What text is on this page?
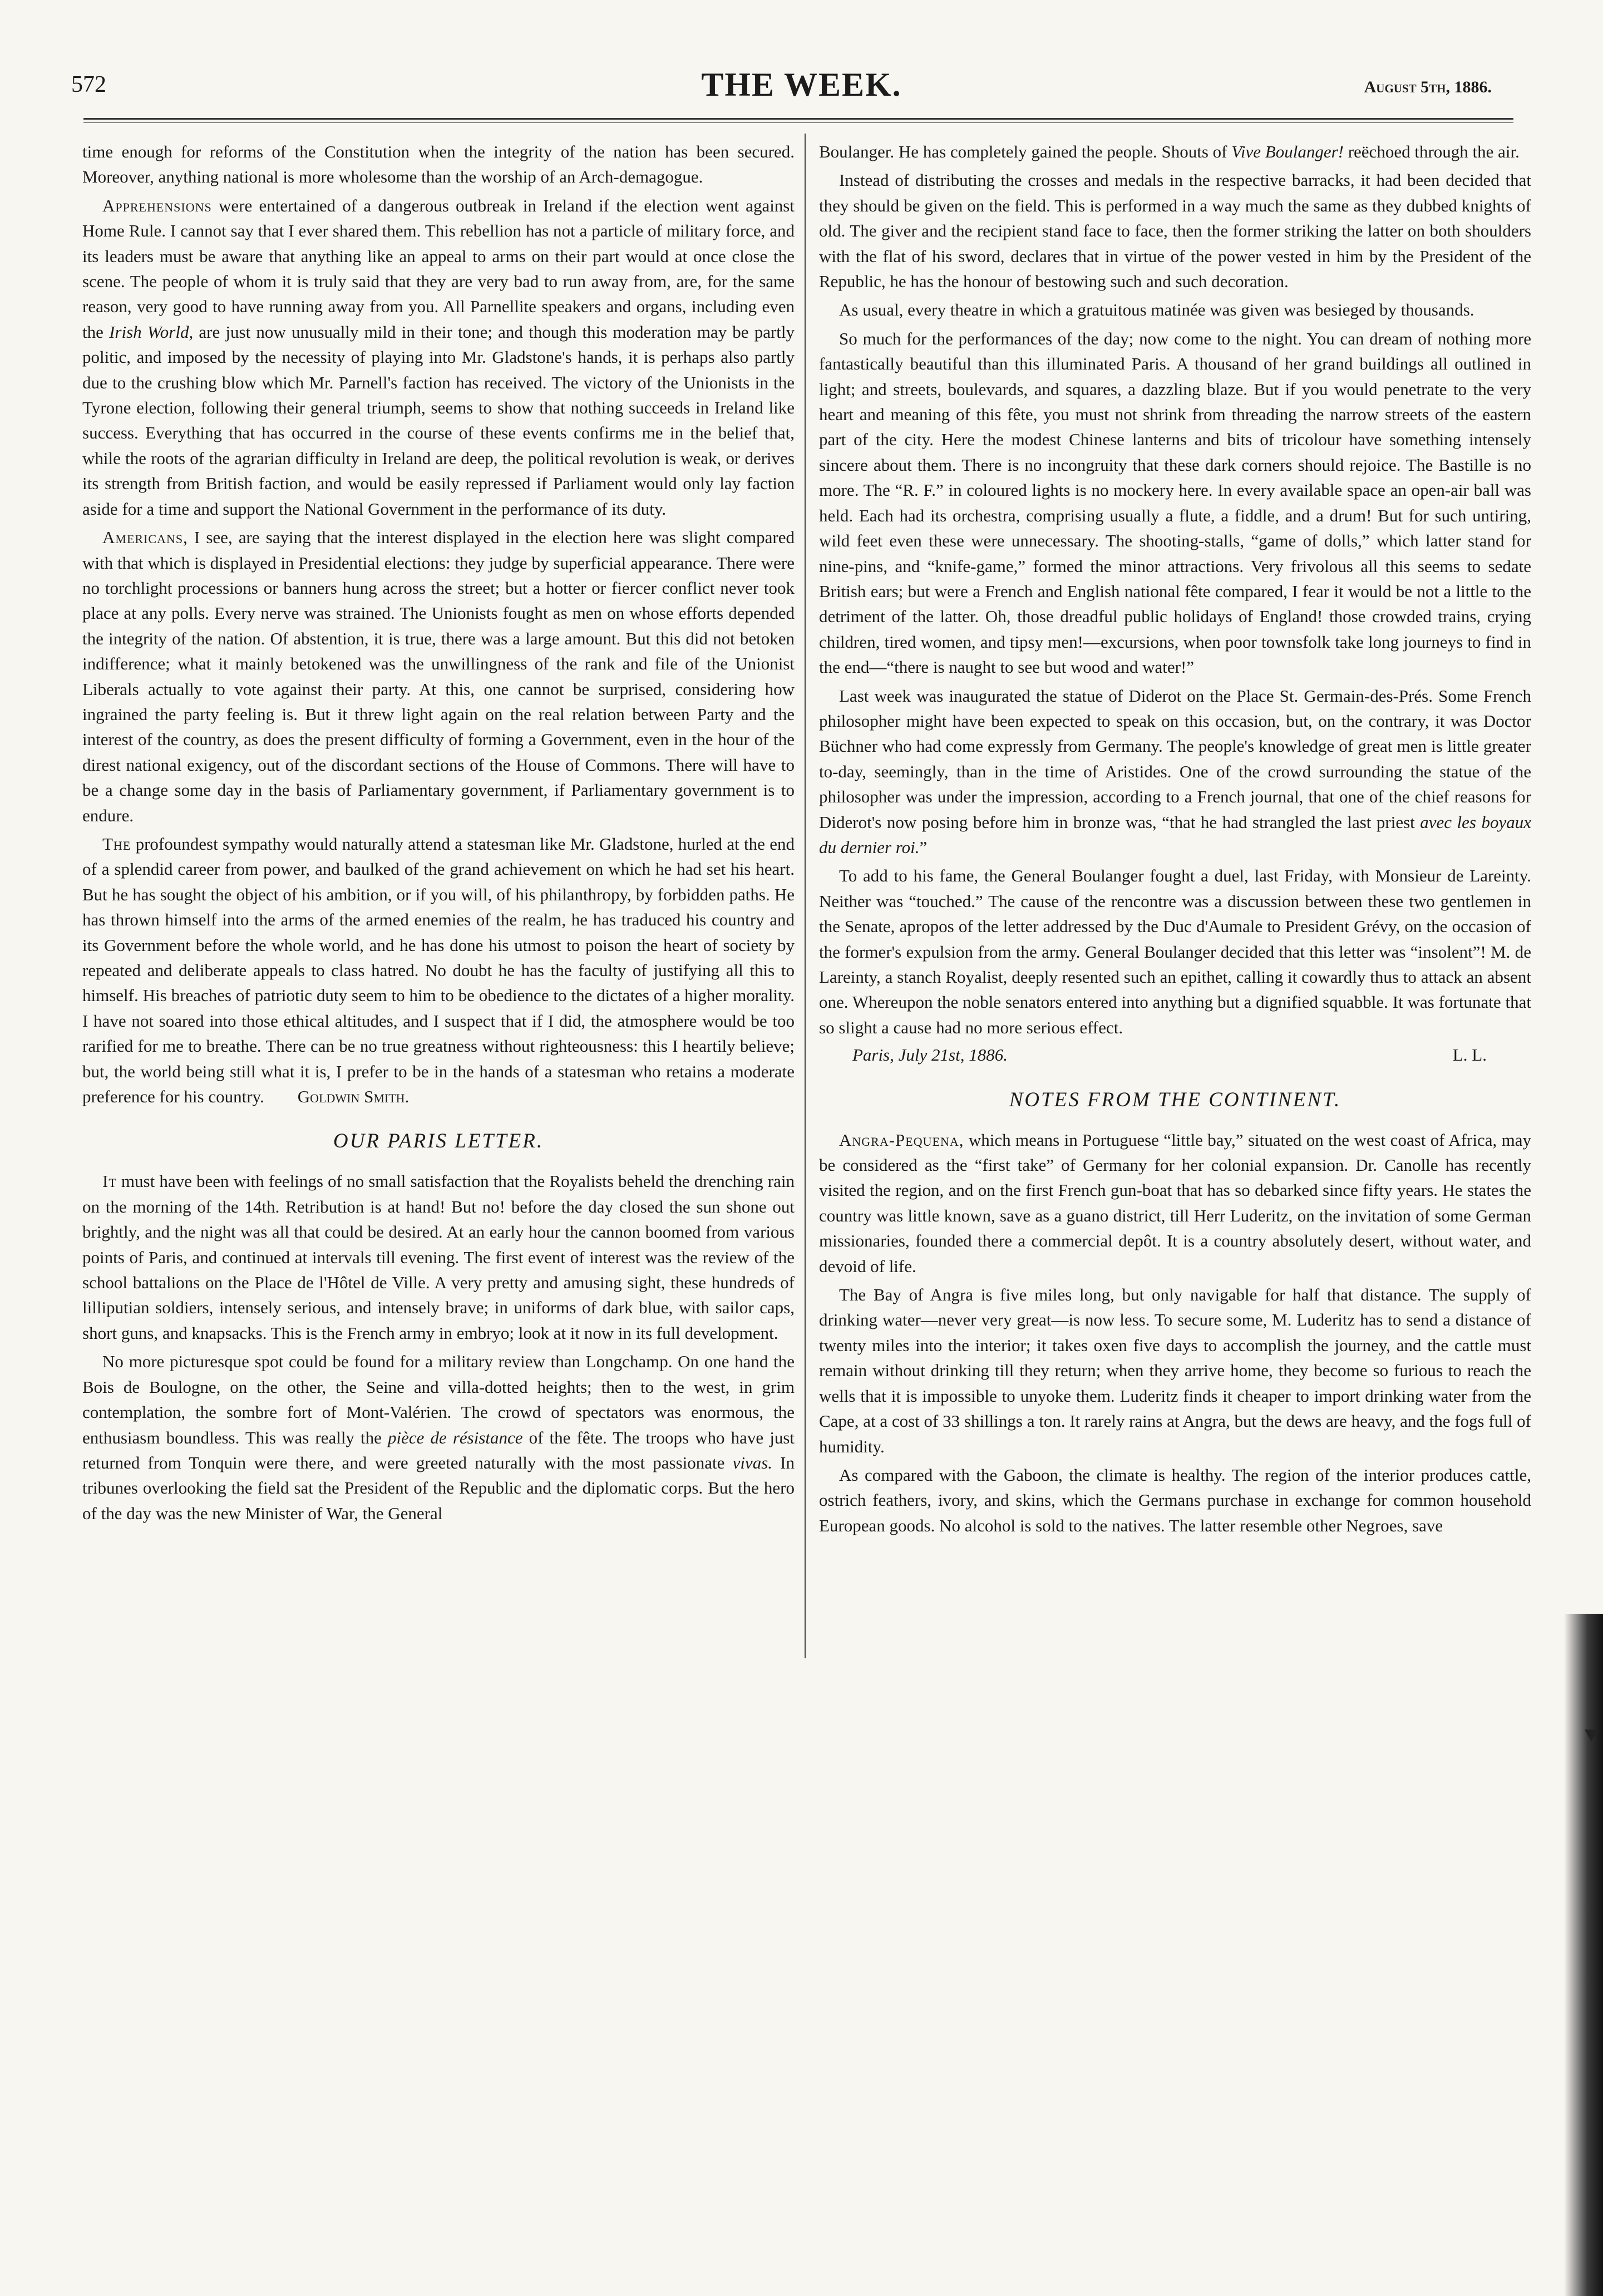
572	THE WEEK.	August 5th, 1886.

time enough for reforms of the Constitution when the integrity of the nation has been secured. Moreover, anything national is more wholesome than the worship of an Arch-demagogue.

Apprehensions were entertained of a dangerous outbreak in Ireland if the election went against Home Rule. I cannot say that I ever shared them. This rebellion has not a particle of military force, and its leaders must be aware that anything like an appeal to arms on their part would at once close the scene. The people of whom it is truly said that they are very bad to run away from, are, for the same reason, very good to have running away from you. All Parnellite speakers and organs, including even the Irish World, are just now unusually mild in their tone; and though this moderation may be partly politic, and imposed by the necessity of playing into Mr. Gladstone's hands, it is perhaps also partly due to the crushing blow which Mr. Parnell's faction has received. The victory of the Unionists in the Tyrone election, following their general triumph, seems to show that nothing succeeds in Ireland like success. Everything that has occurred in the course of these events confirms me in the belief that, while the roots of the agrarian difficulty in Ireland are deep, the political revolution is weak, or derives its strength from British faction, and would be easily repressed if Parliament would only lay faction aside for a time and support the National Government in the performance of its duty.

Americans, I see, are saying that the interest displayed in the election here was slight compared with that which is displayed in Presidential elections: they judge by superficial appearance. There were no torchlight processions or banners hung across the street; but a hotter or fiercer conflict never took place at any polls. Every nerve was strained. The Unionists fought as men on whose efforts depended the integrity of the nation. Of abstention, it is true, there was a large amount. But this did not betoken indifference; what it mainly betokened was the unwillingness of the rank and file of the Unionist Liberals actually to vote against their party. At this, one cannot be surprised, considering how ingrained the party feeling is. But it threw light again on the real relation between Party and the interest of the country, as does the present difficulty of forming a Government, even in the hour of the direst national exigency, out of the discordant sections of the House of Commons. There will have to be a change some day in the basis of Parliamentary government, if Parliamentary government is to endure.

The profoundest sympathy would naturally attend a statesman like Mr. Gladstone, hurled at the end of a splendid career from power, and baulked of the grand achievement on which he had set his heart. But he has sought the object of his ambition, or if you will, of his philanthropy, by forbidden paths. He has thrown himself into the arms of the armed enemies of the realm, he has traduced his country and its Government before the whole world, and he has done his utmost to poison the heart of society by repeated and deliberate appeals to class hatred. No doubt he has the faculty of justifying all this to himself. His breaches of patriotic duty seem to him to be obedience to the dictates of a higher morality. I have not soared into those ethical altitudes, and I suspect that if I did, the atmosphere would be too rarified for me to breathe. There can be no true greatness without righteousness: this I heartily believe; but, the world being still what it is, I prefer to be in the hands of a statesman who retains a moderate preference for his country. Goldwin Smith.

OUR PARIS LETTER.

It must have been with feelings of no small satisfaction that the Royalists beheld the drenching rain on the morning of the 14th. Retribution is at hand! But no! before the day closed the sun shone out brightly, and the night was all that could be desired. At an early hour the cannon boomed from various points of Paris, and continued at intervals till evening. The first event of interest was the review of the school battalions on the Place de l'Hôtel de Ville. A very pretty and amusing sight, these hundreds of lilliputian soldiers, intensely serious, and intensely brave; in uniforms of dark blue, with sailor caps, short guns, and knapsacks. This is the French army in embryo; look at it now in its full development.

No more picturesque spot could be found for a military review than Longchamp. On one hand the Bois de Boulogne, on the other, the Seine and villa-dotted heights; then to the west, in grim contemplation, the sombre fort of Mont-Valérien. The crowd of spectators was enormous, the enthusiasm boundless. This was really the pièce de résistance of the fête. The troops who have just returned from Tonquin were there, and were greeted naturally with the most passionate vivas. In tribunes overlooking the field sat the President of the Republic and the diplomatic corps. But the hero of the day was the new Minister of War, the General

Boulanger. He has completely gained the people. Shouts of Vive Boulanger! reëchoed through the air.

Instead of distributing the crosses and medals in the respective barracks, it had been decided that they should be given on the field. This is performed in a way much the same as they dubbed knights of old. The giver and the recipient stand face to face, then the former striking the latter on both shoulders with the flat of his sword, declares that in virtue of the power vested in him by the President of the Republic, he has the honour of bestowing such and such decoration.

As usual, every theatre in which a gratuitous matinée was given was besieged by thousands.

So much for the performances of the day; now come to the night. You can dream of nothing more fantastically beautiful than this illuminated Paris. A thousand of her grand buildings all outlined in light; and streets, boulevards, and squares, a dazzling blaze. But if you would penetrate to the very heart and meaning of this fête, you must not shrink from threading the narrow streets of the eastern part of the city. Here the modest Chinese lanterns and bits of tricolour have something intensely sincere about them. There is no incongruity that these dark corners should rejoice. The Bastille is no more. The “R. F.” in coloured lights is no mockery here. In every available space an open-air ball was held. Each had its orchestra, comprising usually a flute, a fiddle, and a drum! But for such untiring, wild feet even these were unnecessary. The shooting-stalls, “game of dolls,” which latter stand for nine-pins, and “knife-game,” formed the minor attractions. Very frivolous all this seems to sedate British ears; but were a French and English national fête compared, I fear it would be not a little to the detriment of the latter. Oh, those dreadful public holidays of England! those crowded trains, crying children, tired women, and tipsy men!—excursions, when poor townsfolk take long journeys to find in the end—“there is naught to see but wood and water!”

Last week was inaugurated the statue of Diderot on the Place St. Germain-des-Prés. Some French philosopher might have been expected to speak on this occasion, but, on the contrary, it was Doctor Büchner who had come expressly from Germany. The people's knowledge of great men is little greater to-day, seemingly, than in the time of Aristides. One of the crowd surrounding the statue of the philosopher was under the impression, according to a French journal, that one of the chief reasons for Diderot's now posing before him in bronze was, “that he had strangled the last priest avec les boyaux du dernier roi.”

To add to his fame, the General Boulanger fought a duel, last Friday, with Monsieur de Lareinty. Neither was “touched.” The cause of the rencontre was a discussion between these two gentlemen in the Senate, apropos of the letter addressed by the Duc d'Aumale to President Grévy, on the occasion of the former's expulsion from the army. General Boulanger decided that this letter was “insolent”! M. de Lareinty, a stanch Royalist, deeply resented such an epithet, calling it cowardly thus to attack an absent one. Whereupon the noble senators entered into anything but a dignified squabble. It was fortunate that so slight a cause had no more serious effect.

Paris, July 21st, 1886.	L. L.
NOTES FROM THE CONTINENT.

Angra-Pequena, which means in Portuguese “little bay,” situated on the west coast of Africa, may be considered as the “first take” of Germany for her colonial expansion. Dr. Canolle has recently visited the region, and on the first French gun-boat that has so debarked since fifty years. He states the country was little known, save as a guano district, till Herr Luderitz, on the invitation of some German missionaries, founded there a commercial depôt. It is a country absolutely desert, without water, and devoid of life.

The Bay of Angra is five miles long, but only navigable for half that distance. The supply of drinking water—never very great—is now less. To secure some, M. Luderitz has to send a distance of twenty miles into the interior; it takes oxen five days to accomplish the journey, and the cattle must remain without drinking till they return; when they arrive home, they become so furious to reach the wells that it is impossible to unyoke them. Luderitz finds it cheaper to import drinking water from the Cape, at a cost of 33 shillings a ton. It rarely rains at Angra, but the dews are heavy, and the fogs full of humidity.

As compared with the Gaboon, the climate is healthy. The region of the interior produces cattle, ostrich feathers, ivory, and skins, which the Germans purchase in exchange for common household European goods. No alcohol is sold to the natives. The latter resemble other Negroes, save
